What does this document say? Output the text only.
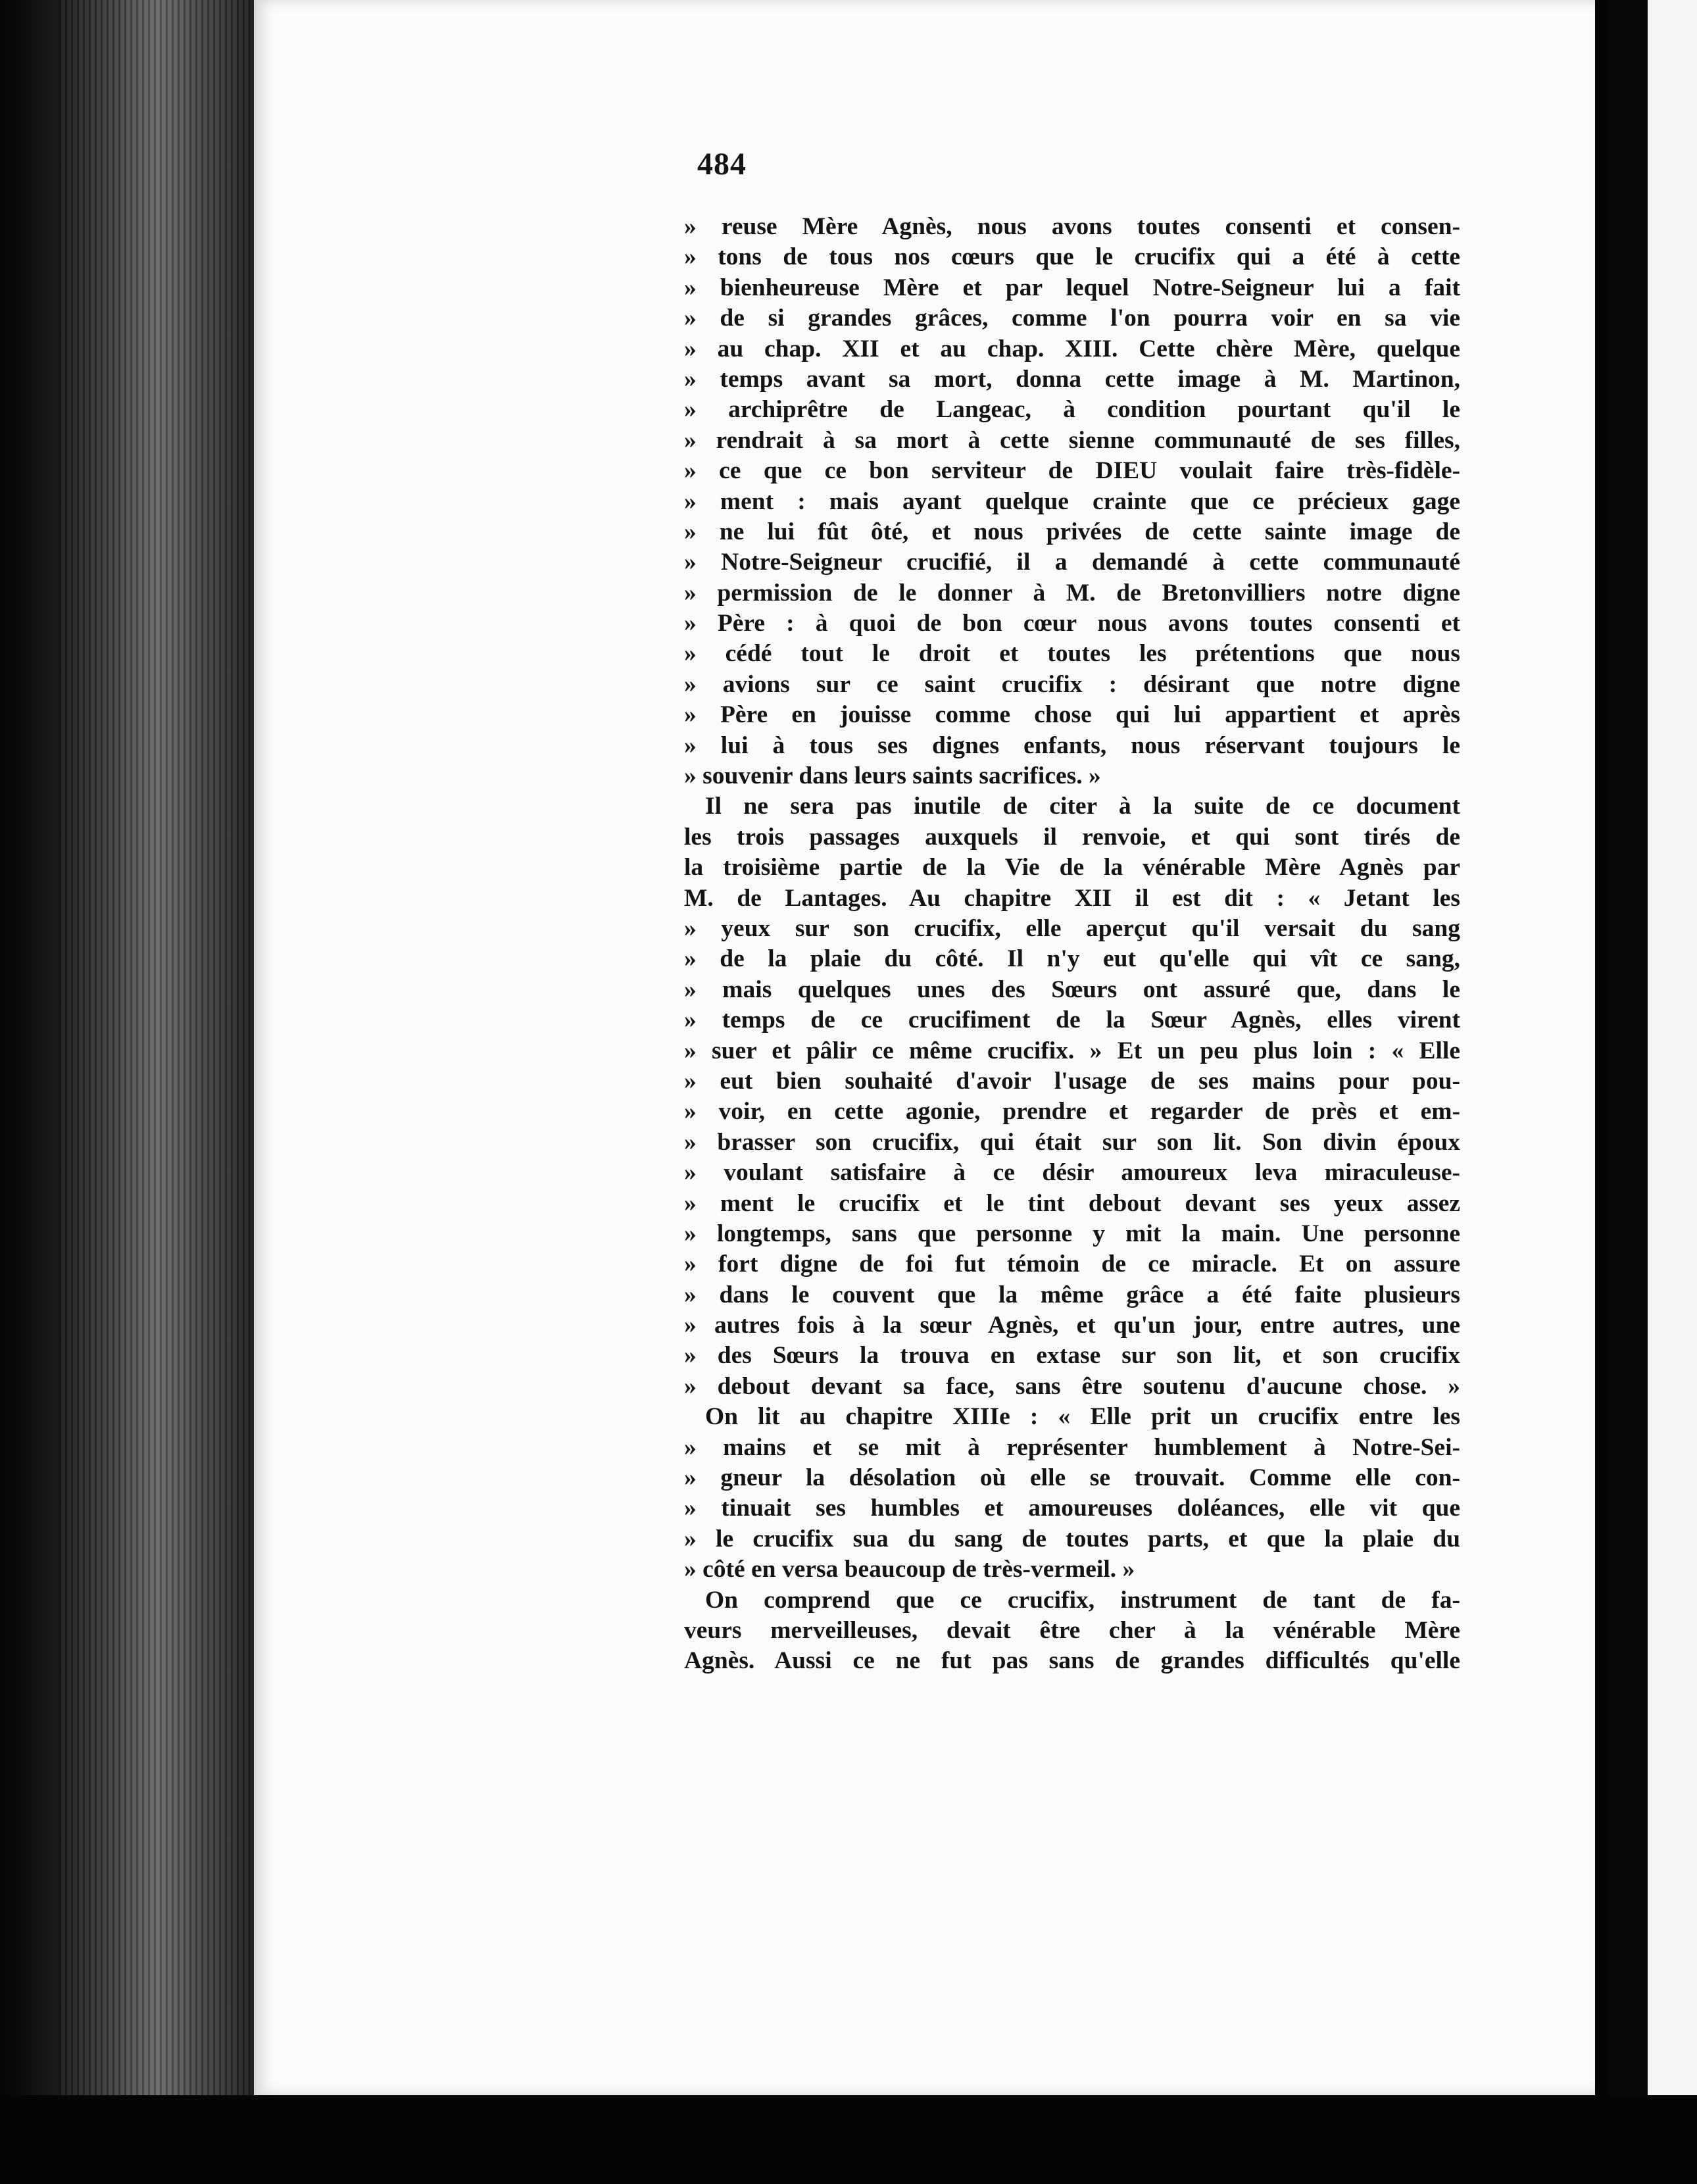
484
» reuse Mère Agnès, nous avons toutes consenti et consen-
» tons de tous nos cœurs que le crucifix qui a été à cette
» bienheureuse Mère et par lequel Notre-Seigneur lui a fait
» de si grandes grâces, comme l'on pourra voir en sa vie
» au chap. XII et au chap. XIII. Cette chère Mère, quelque
» temps avant sa mort, donna cette image à M. Martinon,
» archiprêtre de Langeac, à condition pourtant qu'il le
» rendrait à sa mort à cette sienne communauté de ses filles,
» ce que ce bon serviteur de DIEU voulait faire très-fidèle-
» ment : mais ayant quelque crainte que ce précieux gage
» ne lui fût ôté, et nous privées de cette sainte image de
» Notre-Seigneur crucifié, il a demandé à cette communauté
» permission de le donner à M. de Bretonvilliers notre digne
» Père : à quoi de bon cœur nous avons toutes consenti et
» cédé tout le droit et toutes les prétentions que nous
» avions sur ce saint crucifix : désirant que notre digne
» Père en jouisse comme chose qui lui appartient et après
» lui à tous ses dignes enfants, nous réservant toujours le
» souvenir dans leurs saints sacrifices. »
Il ne sera pas inutile de citer à la suite de ce document
les trois passages auxquels il renvoie, et qui sont tirés de
la troisième partie de la Vie de la vénérable Mère Agnès par
M. de Lantages. Au chapitre XII il est dit : « Jetant les
» yeux sur son crucifix, elle aperçut qu'il versait du sang
» de la plaie du côté. Il n'y eut qu'elle qui vît ce sang,
» mais quelques unes des Sœurs ont assuré que, dans le
» temps de ce crucifiment de la Sœur Agnès, elles virent
» suer et pâlir ce même crucifix. » Et un peu plus loin : « Elle
» eut bien souhaité d'avoir l'usage de ses mains pour pou-
» voir, en cette agonie, prendre et regarder de près et em-
» brasser son crucifix, qui était sur son lit. Son divin époux
» voulant satisfaire à ce désir amoureux leva miraculeuse-
» ment le crucifix et le tint debout devant ses yeux assez
» longtemps, sans que personne y mit la main. Une personne
» fort digne de foi fut témoin de ce miracle. Et on assure
» dans le couvent que la même grâce a été faite plusieurs
» autres fois à la sœur Agnès, et qu'un jour, entre autres, une
» des Sœurs la trouva en extase sur son lit, et son crucifix
» debout devant sa face, sans être soutenu d'aucune chose. »
On lit au chapitre XIIIe : « Elle prit un crucifix entre les
» mains et se mit à représenter humblement à Notre-Sei-
» gneur la désolation où elle se trouvait. Comme elle con-
» tinuait ses humbles et amoureuses doléances, elle vit que
» le crucifix sua du sang de toutes parts, et que la plaie du
» côté en versa beaucoup de très-vermeil. »
On comprend que ce crucifix, instrument de tant de fa-
veurs merveilleuses, devait être cher à la vénérable Mère
Agnès. Aussi ce ne fut pas sans de grandes difficultés qu'elle
